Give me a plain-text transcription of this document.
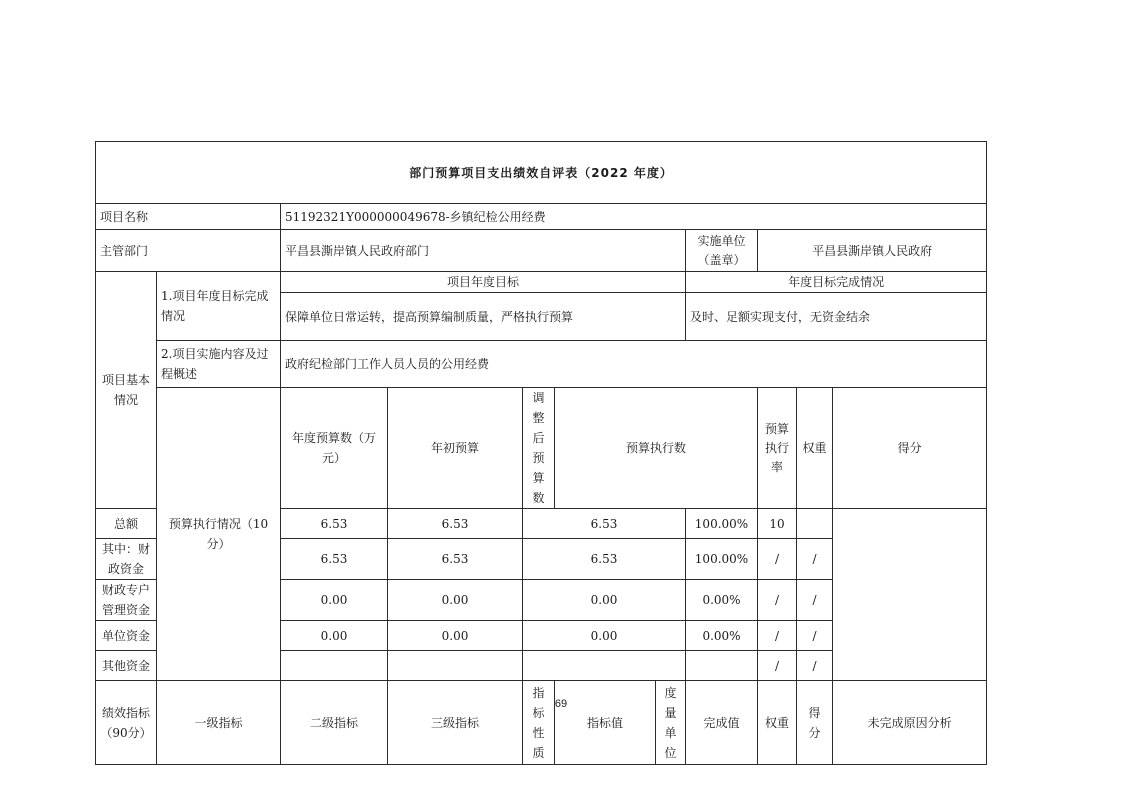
部门预算项目支出绩效自评表（2022 年度）											
项目名称		51192321Y000000049678-乡镇纪检公用经费									
主管部门		平昌县澌岸镇人民政府部门					实施单位（盖章）	平昌县澌岸镇人民政府			
项目基本情况	1.项目年度目标完成情况	项目年度目标					年度目标完成情况				
		保障单位日常运转，提高预算编制质量，严格执行预算					及时、足额实现支付，无资金结余				
	2.项目实施内容及过程概述	政府纪检部门工作人员人员的公用经费									
	预算执行情况（10 分）	年度预算数（万元）	年初预算	调整后预算数	预算执行数			预算执行率	权重	得分	
总额		6.53	6.53	6.53			100.00%	10			
其中：财政资金		6.53	6.53	6.53			100.00%	/	/		
财政专户管理资金		0.00	0.00	0.00			0.00%	/	/		
单位资金		0.00	0.00	0.00			0.00%	/	/		
其他资金								/	/		
绩效指标（90分）	一级指标	二级指标	三级指标	指标性质	指标值	度量单位	完成值	权重	得分	未完成原因分析	
69
